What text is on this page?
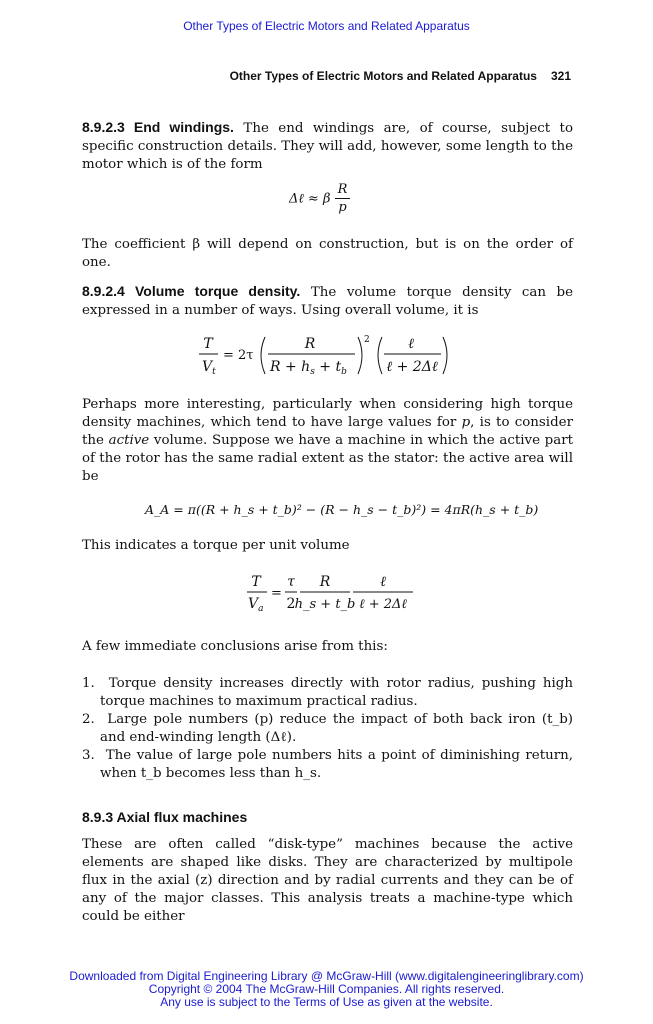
Other Types of Electric Motors and Related Apparatus
Other Types of Electric Motors and Related Apparatus 321
8.9.2.3 End windings. The end windings are, of course, subject to specific construction details. They will add, however, some length to the motor which is of the form
Δℓ ≈ β $\frac{R}{p}$
The coefficient β will depend on construction, but is on the order of one.
8.9.2.4 Volume torque density. The volume torque density can be expressed in a number of ways. Using overall volume, it is
T
$V_t$
= 2τ
R
$R + h_s + t_b$
2	ℓ
ℓ + 2Δℓ
Perhaps more interesting, particularly when considering high torque density machines, which tend to have large values for p, is to consider the active volume. Suppose we have a machine in which the active part of the rotor has the same radial extent as the stator: the active area will be
A_A = π((R + h_s + t_b)² − (R − h_s − t_b)²) = 4πR(h_s + t_b)
This indicates a torque per unit volume
T
$V_a$
=
τ
2
R
h_s + t_b
ℓ
ℓ + 2Δℓ
A few immediate conclusions arise from this:
1. Torque density increases directly with rotor radius, pushing high torque machines to maximum practical radius.
2. Large pole numbers (p) reduce the impact of both back iron (t_b) and end-winding length (Δℓ).
3. The value of large pole numbers hits a point of diminishing return, when t_b becomes less than h_s.
8.9.3 Axial flux machines
These are often called “disk-type” machines because the active elements are shaped like disks. They are characterized by multipole flux in the axial (z) direction and by radial currents and they can be of any of the major classes. This analysis treats a machine-type which could be either
Downloaded from Digital Engineering Library @ McGraw-Hill (www.digitalengineeringlibrary.com)
Copyright © 2004 The McGraw-Hill Companies. All rights reserved.
Any use is subject to the Terms of Use as given at the website.
